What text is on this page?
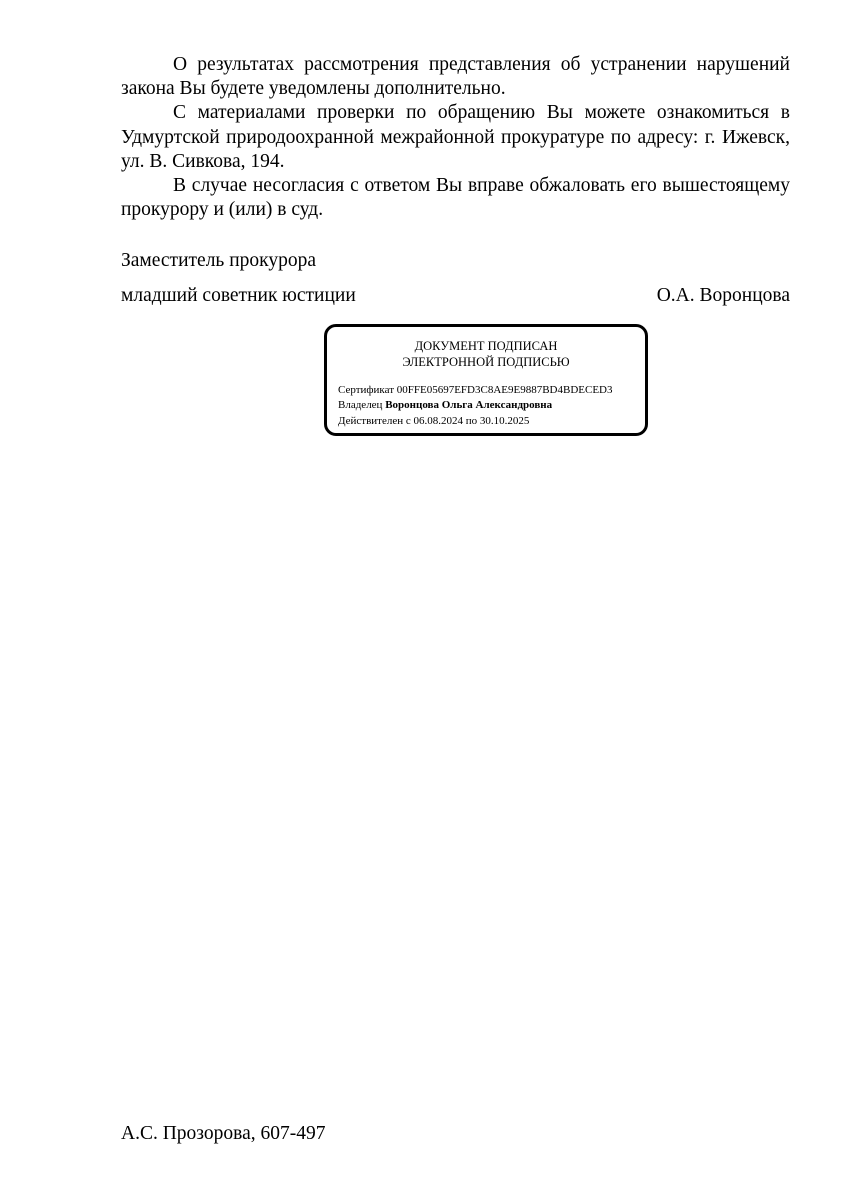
О результатах рассмотрения представления об устранении нарушений закона Вы будете уведомлены дополнительно.

С материалами проверки по обращению Вы можете ознакомиться в Удмуртской природоохранной межрайонной прокуратуре по адресу: г. Ижевск, ул. В. Сивкова, 194.

В случае несогласия с ответом Вы вправе обжаловать его вышестоящему прокурору и (или) в суд.

Заместитель прокурора
младший советник юстиции	О.А. Воронцова
ДОКУМЕНТ ПОДПИСАН
ЭЛЕКТРОННОЙ ПОДПИСЬЮ
Сертификат 00FFE05697EFD3C8AE9E9887BD4BDECED3
Владелец Воронцова Ольга Александровна
Действителен с 06.08.2024 по 30.10.2025
А.С. Прозорова, 607-497
